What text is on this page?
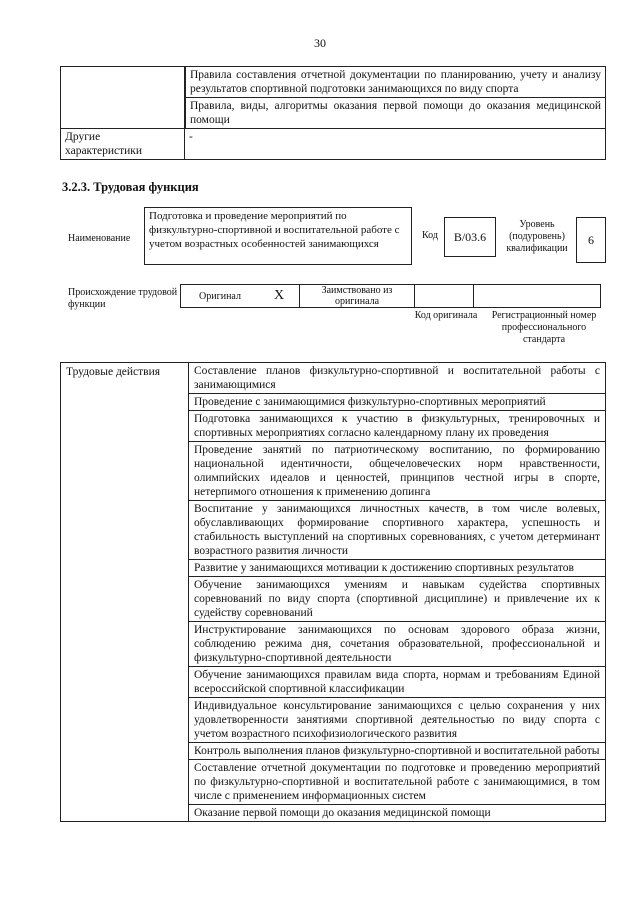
30

	Правила составления отчетной документации по планированию, учету и анализу результатов спортивной подготовки занимающихся по виду спорта
Правила, виды, алгоритмы оказания первой помощи до оказания медицинской помощи

Другие характеристики	-
3.2.3. Трудовая функция
Наименование
Подготовка и проведение мероприятий по физкультурно-спортивной и воспитательной работе с учетом возрастных особенностей занимающихся
Код	B/03.6
Уровень (подуровень) квалификации
6
Происхождение трудовой функции
Оригинал	X	Заимствовано из оригинала		
Код оригинала	Регистрационный номер профессионального стандарта
Трудовые действия	Составление планов физкультурно-спортивной и воспитательной работы с занимающимися
Проведение с занимающимися физкультурно-спортивных мероприятий
Подготовка занимающихся к участию в физкультурных, тренировочных и спортивных мероприятиях согласно календарному плану их проведения
Проведение занятий по патриотическому воспитанию, по формированию национальной идентичности, общечеловеческих норм нравственности, олимпийских идеалов и ценностей, принципов честной игры в спорте, нетерпимого отношения к применению допинга
Воспитание у занимающихся личностных качеств, в том числе волевых, обуславливающих формирование спортивного характера, успешность и стабильность выступлений на спортивных соревнованиях, с учетом детерминант возрастного развития личности
Развитие у занимающихся мотивации к достижению спортивных результатов
Обучение занимающихся умениям и навыкам судейства спортивных соревнований по виду спорта (спортивной дисциплине) и привлечение их к судейству соревнований
Инструктирование занимающихся по основам здорового образа жизни, соблюдению режима дня, сочетания образовательной, профессиональной и физкультурно-спортивной деятельности
Обучение занимающихся правилам вида спорта, нормам и требованиям Единой всероссийской спортивной классификации
Индивидуальное консультирование занимающихся с целью сохранения у них удовлетворенности занятиями спортивной деятельностью по виду спорта с учетом возрастного психофизиологического развития
Контроль выполнения планов физкультурно-спортивной и воспитательной работы
Составление отчетной документации по подготовке и проведению мероприятий по физкультурно-спортивной и воспитательной работе с занимающимися, в том числе с применением информационных систем
Оказание первой помощи до оказания медицинской помощи
